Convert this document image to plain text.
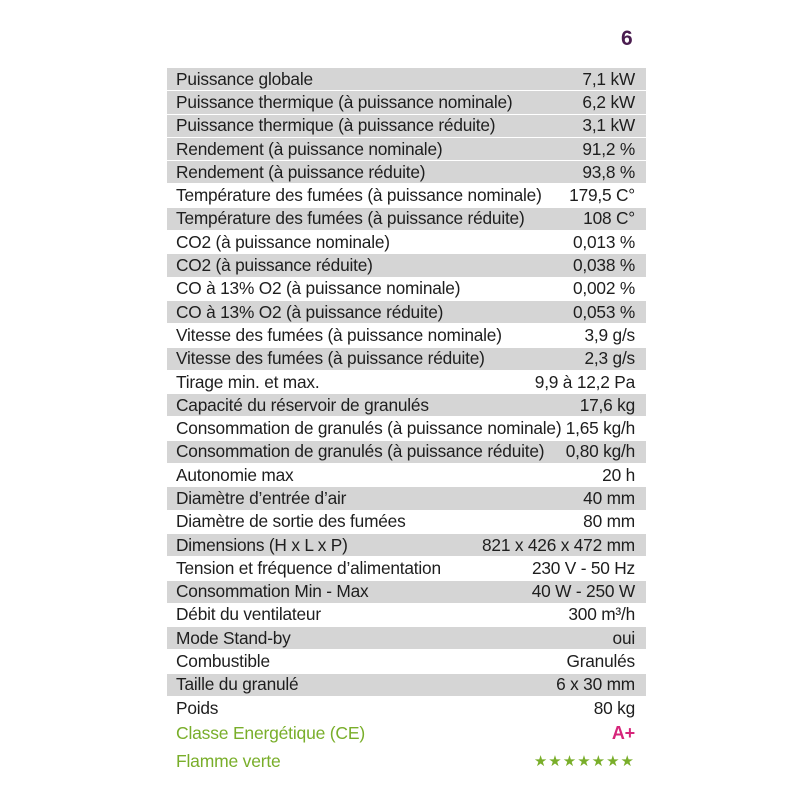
6
Puissance globale	7,1 kW
Puissance thermique (à puissance nominale)	6,2 kW
Puissance thermique (à puissance réduite)	3,1 kW
Rendement (à puissance nominale)	91,2 %
Rendement (à puissance réduite)	93,8 %
Température des fumées (à puissance nominale) 179,5 C°
Température des fumées (à puissance réduite)	108 C°
CO2 (à puissance nominale)	0,013 %
CO2 (à puissance réduite)	0,038 %
CO à 13% O2 (à puissance nominale)	0,002 %
CO à 13% O2 (à puissance réduite)	0,053 %
Vitesse des fumées (à puissance nominale)	3,9 g/s
Vitesse des fumées (à puissance réduite)	2,3 g/s
Tirage min. et max.	9,9 à 12,2 Pa
Capacité du réservoir de granulés	17,6 kg
Consommation de granulés (à puissance nominale) 1,65 kg/h
Consommation de granulés (à puissance réduite) 0,80 kg/h
Autonomie max	20 h
Diamètre d’entrée d’air	40 mm
Diamètre de sortie des fumées	80 mm
Dimensions (H x L x P)	821 x 426 x 472 mm
Tension et fréquence d’alimentation	230 V - 50 Hz
Consommation Min - Max	40 W - 250 W
Débit du ventilateur	300 m³/h
Mode Stand-by	oui
Combustible	Granulés
Taille du granulé	6 x 30 mm
Poids	80 kg
Classe Energétique (CE)	A+
Flamme verte	★★★★★★★
